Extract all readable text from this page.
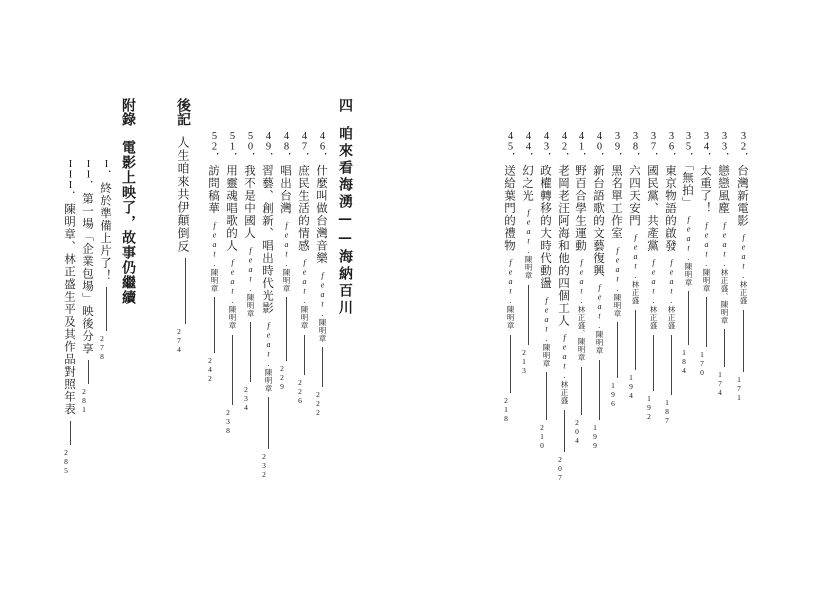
32．台灣新電影feat.林正盛
171
33．戀戀風塵feat.林正盛、陳明章
174
34．太重了！feat.陳明章
170
35．「無拍」feat.陳明章
184
36．東京物語的啟發feat.林正盛
187
37．國民黨、共產黨feat.林正盛
192
38．六四天安門feat.林正盛
194
39．黑名單工作室feat.陳明章
196
40．新台語歌的文藝復興feat.陳明章
199
41．野百合學生運動feat.林正盛、陳明章
204
42．老岡老汪阿海和他的四個工人feat.林正盛
207
43．政權轉移的大時代動盪feat.陳明章
210
44．幻之光feat.陳明章
213
45．送給葉門的禮物feat.陳明章
218
四
咱來看海湧——海納百川
46．什麼叫做台灣音樂feat.陳明章
222
47．庶民生活的情感feat.陳明章
226
48．唱出台灣feat.陳明章
229
49．習藝、創新、唱出時代光影feat.陳明章
232
50．我不是中國人feat.陳明章
234
51．用靈魂唱歌的人feat.陳明章
238
52．訪問稿華feat.陳明章
242
後記
人生咱來共伊顛倒反
274
附錄
電影上映了，故事仍繼續
I．終於準備上片了！
278
II．第一場「企業包場」映後分享
281
III．陳明章、林正盛生平及其作品對照年表
285
